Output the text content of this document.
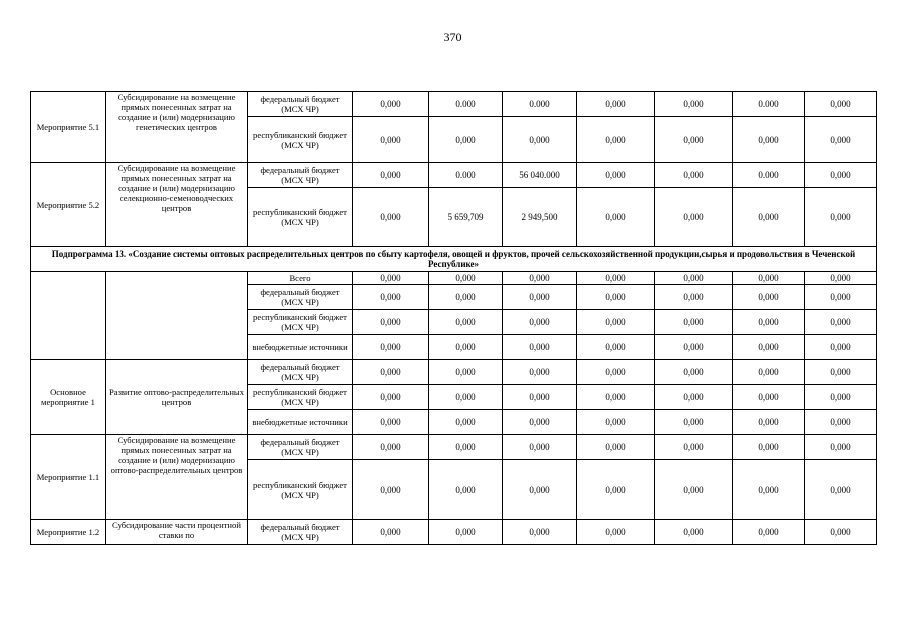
370
Мероприятие 5.1	Субсидирование на возмещение прямых понесенных затрат на создание и (или) модернизацию генетических центров	федеральный бюджет (МСХ ЧР)	0,000	0.000	0.000	0,000	0,000	0.000	0,000
		республиканский бюджет (МСХ ЧР)	0,000	0,000	0,000	0,000	0,000	0,000	0,000
Мероприятие 5.2	Субсидирование на возмещение прямых понесенных затрат на создание и (или) модернизацию селекционно-семеноводческих центров	федеральный бюджет (МСХ ЧР)	0,000	0.000	56 040.000	0,000	0,000	0.000	0,000
		республиканский бюджет (МСХ ЧР)	0,000	5 659,709	2 949,500	0,000	0,000	0,000	0,000
Подпрограмма 13. «Создание системы оптовых распределительных центров по сбыту картофеля, овощей и фруктов, прочей сельскохозяйственной продукции,сырья и продовольствия в Чеченской Республике»									
		Всего	0,000	0,000	0,000	0,000	0,000	0,000	0,000
		федеральный бюджет (МСХ ЧР)	0,000	0,000	0,000	0,000	0,000	0,000	0,000
		республиканский бюджет (МСХ ЧР)	0,000	0,000	0,000	0,000	0,000	0,000	0,000
		внебюджетные источники	0,000	0,000	0,000	0,000	0,000	0,000	0,000
Основное мероприятие 1	Развитие оптово-распределительных центров	федеральный бюджет (МСХ ЧР)	0,000	0,000	0,000	0,000	0,000	0,000	0,000
		республиканский бюджет (МСХ ЧР)	0,000	0,000	0,000	0,000	0,000	0,000	0,000
		внебюджетные источники	0,000	0,000	0,000	0,000	0,000	0,000	0,000
Мероприятие 1.1	Субсидирование на возмещение прямых понесенных затрат на создание и (или) модернизацию оптово-распределительных центров	федеральный бюджет (МСХ ЧР)	0,000	0,000	0,000	0,000	0,000	0,000	0,000
		республиканский бюджет (МСХ ЧР)	0,000	0,000	0,000	0,000	0,000	0,000	0,000
Мероприятие 1.2	Субсидирование части процентной ставки по	федеральный бюджет (МСХ ЧР)	0,000	0,000	0,000	0,000	0,000	0,000	0,000
